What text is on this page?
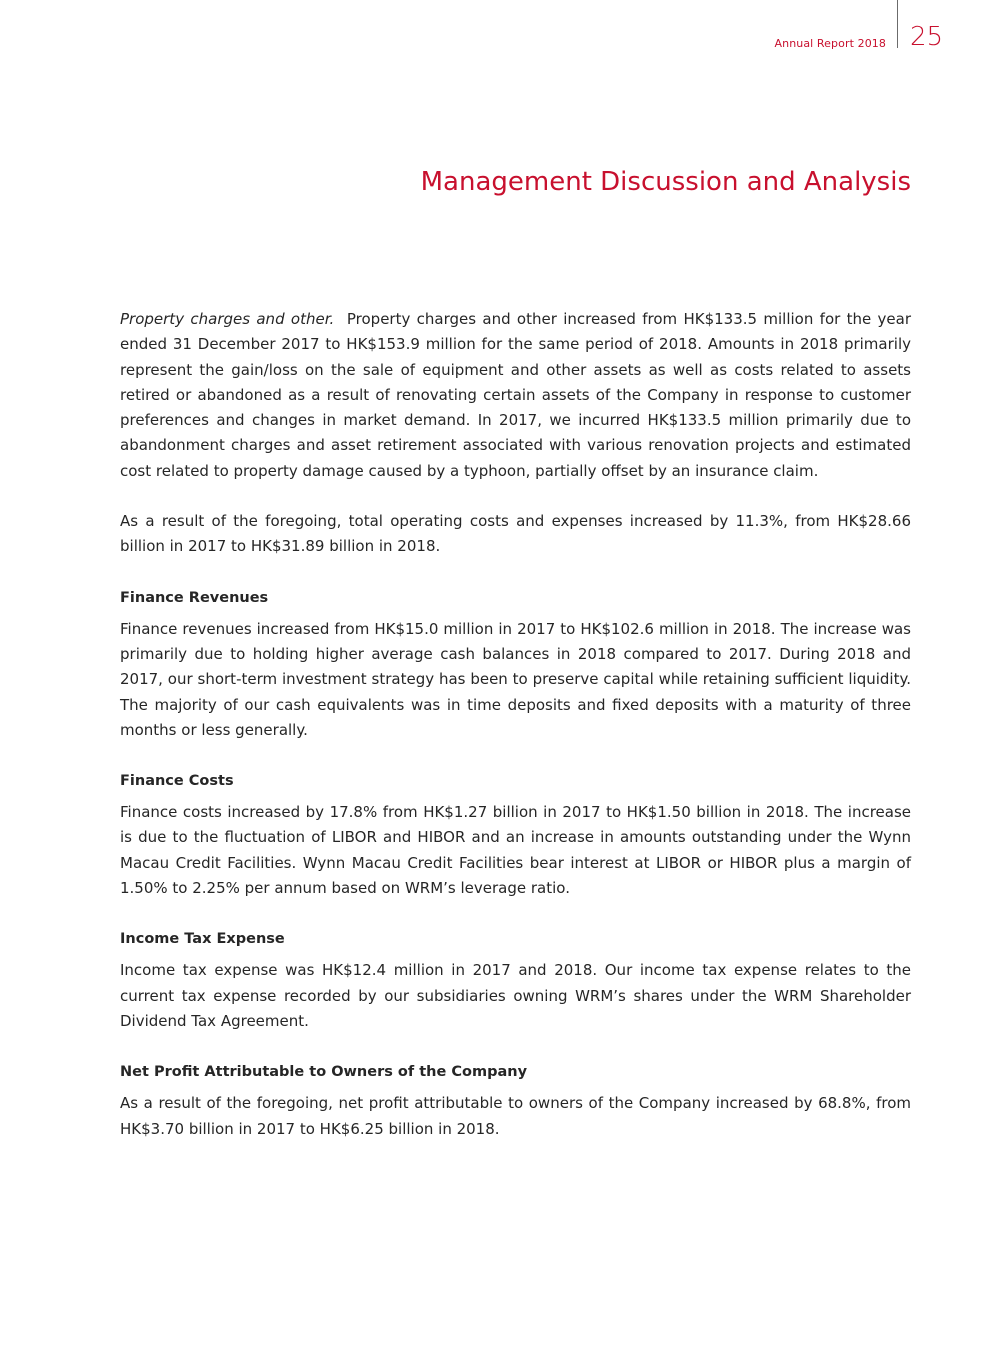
Annual Report 2018 25
Management Discussion and Analysis

Property charges and other. Property charges and other increased from HK$133.5 million for the year ended 31 December 2017 to HK$153.9 million for the same period of 2018. Amounts in 2018 primarily represent the gain/loss on the sale of equipment and other assets as well as costs related to assets retired or abandoned as a result of renovating certain assets of the Company in response to customer preferences and changes in market demand. In 2017, we incurred HK$133.5 million primarily due to abandonment charges and asset retirement associated with various renovation projects and estimated cost related to property damage caused by a typhoon, partially offset by an insurance claim.

As a result of the foregoing, total operating costs and expenses increased by 11.3%, from HK$28.66 billion in 2017 to HK$31.89 billion in 2018.

Finance Revenues

Finance revenues increased from HK$15.0 million in 2017 to HK$102.6 million in 2018. The increase was primarily due to holding higher average cash balances in 2018 compared to 2017. During 2018 and 2017, our short-term investment strategy has been to preserve capital while retaining sufficient liquidity. The majority of our cash equivalents was in time deposits and fixed deposits with a maturity of three months or less generally.

Finance Costs

Finance costs increased by 17.8% from HK$1.27 billion in 2017 to HK$1.50 billion in 2018. The increase is due to the fluctuation of LIBOR and HIBOR and an increase in amounts outstanding under the Wynn Macau Credit Facilities. Wynn Macau Credit Facilities bear interest at LIBOR or HIBOR plus a margin of 1.50% to 2.25% per annum based on WRM’s leverage ratio.

Income Tax Expense

Income tax expense was HK$12.4 million in 2017 and 2018. Our income tax expense relates to the current tax expense recorded by our subsidiaries owning WRM’s shares under the WRM Shareholder Dividend Tax Agreement.

Net Profit Attributable to Owners of the Company

As a result of the foregoing, net profit attributable to owners of the Company increased by 68.8%, from HK$3.70 billion in 2017 to HK$6.25 billion in 2018.
